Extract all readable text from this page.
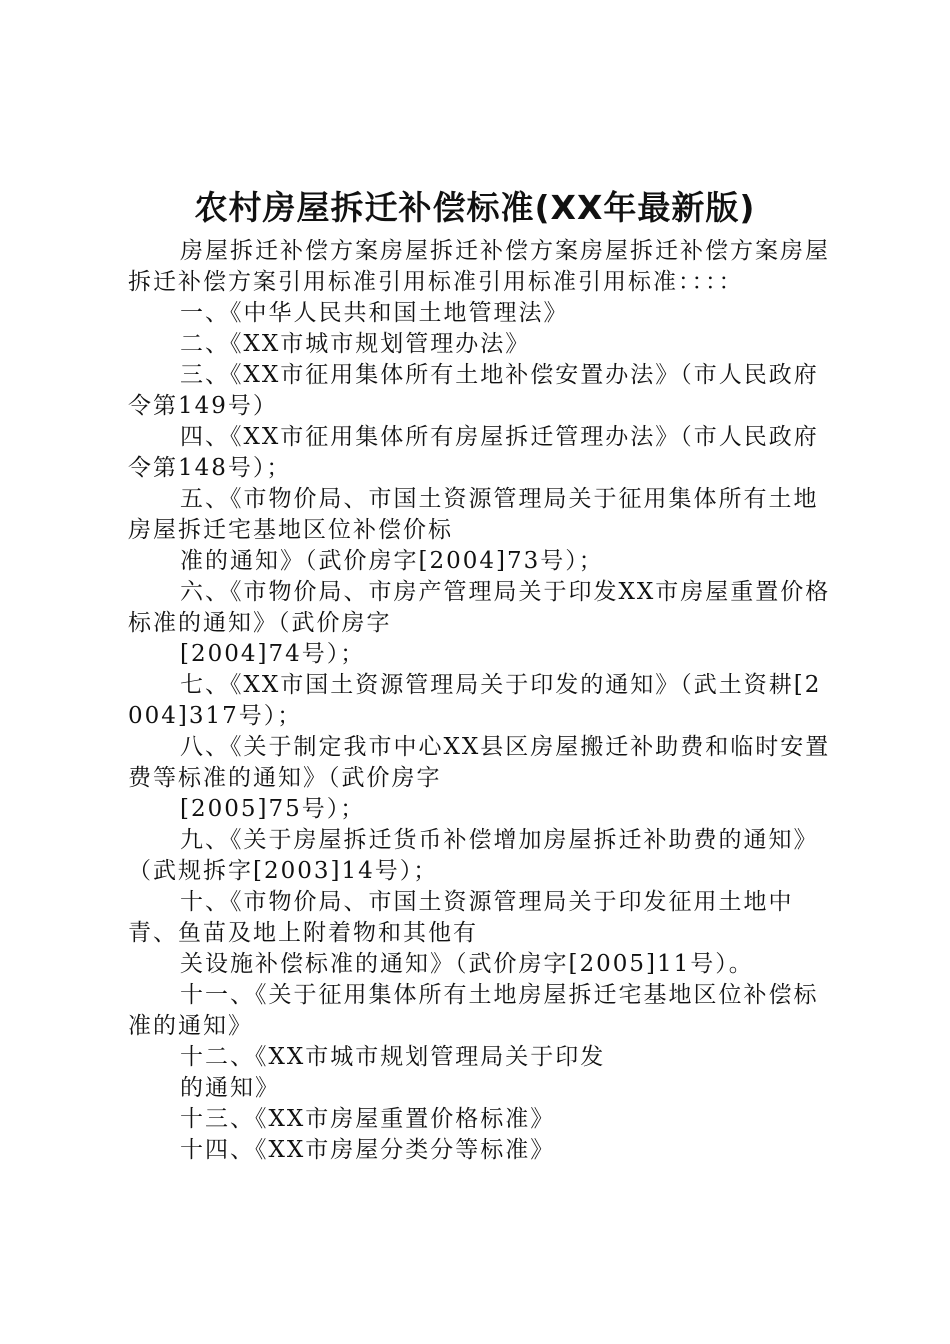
农村房屋拆迁补偿标准(XX年最新版)

房屋拆迁补偿方案房屋拆迁补偿方案房屋拆迁补偿方案房屋拆迁补偿方案引用标准引用标准引用标准引用标准：：：：

一、《中华人民共和国土地管理法》

二、《XX市城市规划管理办法》

三、《XX市征用集体所有土地补偿安置办法》（市人民政府令第149号）

四、《XX市征用集体所有房屋拆迁管理办法》（市人民政府令第148号）；

五、《市物价局、市国土资源管理局关于征用集体所有土地房屋拆迁宅基地区位补偿价标

准的通知》（武价房字[2004]73号）；

六、《市物价局、市房产管理局关于印发XX市房屋重置价格标准的通知》（武价房字

[2004]74号）；

七、《XX市国土资源管理局关于印发的通知》（武土资耕[2004]317号）；

八、《关于制定我市中心XX县区房屋搬迁补助费和临时安置费等标准的通知》（武价房字

[2005]75号）；

九、《关于房屋拆迁货币补偿增加房屋拆迁补助费的通知》（武规拆字[2003]14号）；

十、《市物价局、市国土资源管理局关于印发征用土地中青、鱼苗及地上附着物和其他有

关设施补偿标准的通知》（武价房字[2005]11号）。

十一、《关于征用集体所有土地房屋拆迁宅基地区位补偿标准的通知》

十二、《XX市城市规划管理局关于印发

的通知》

十三、《XX市房屋重置价格标准》

十四、《XX市房屋分类分等标准》
